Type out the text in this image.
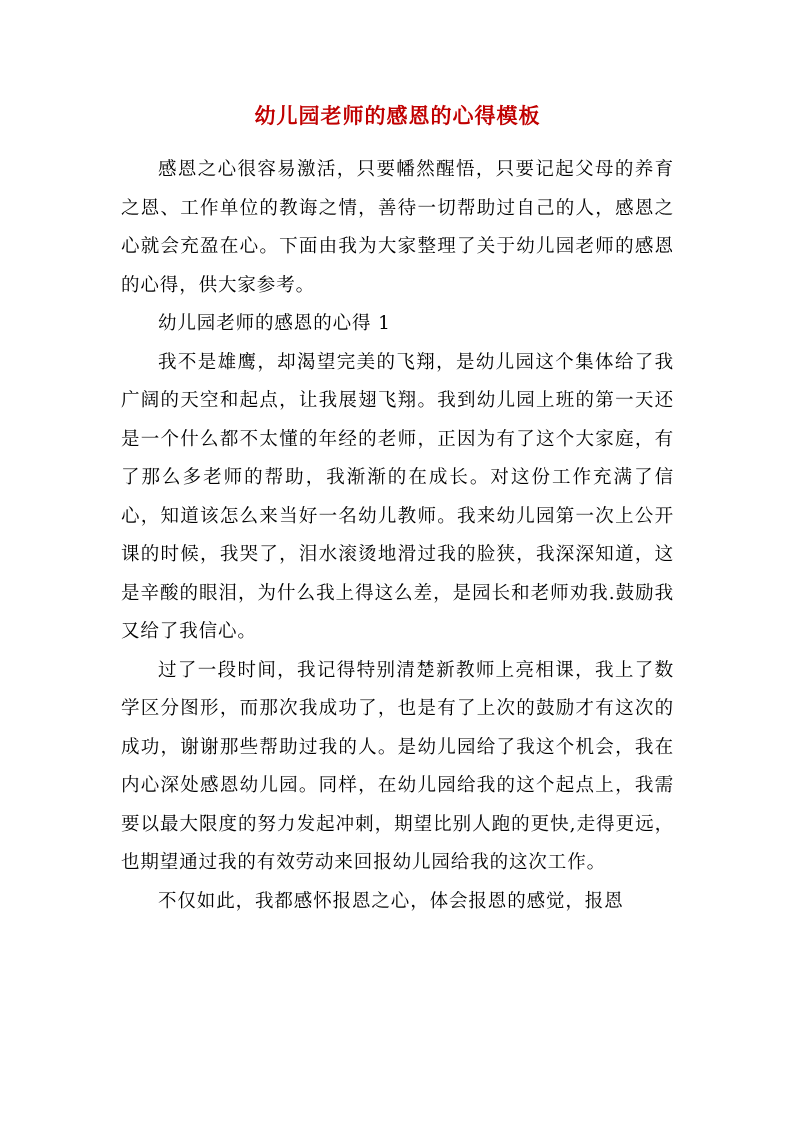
幼儿园老师的感恩的心得模板

感恩之心很容易激活，只要幡然醒悟，只要记起父母的养育之恩、工作单位的教诲之情，善待一切帮助过自己的人，感恩之心就会充盈在心。下面由我为大家整理了关于幼儿园老师的感恩的心得，供大家参考。

幼儿园老师的感恩的心得 1

我不是雄鹰，却渴望完美的飞翔，是幼儿园这个集体给了我广阔的天空和起点，让我展翅飞翔。我到幼儿园上班的第一天还是一个什么都不太懂的年经的老师，正因为有了这个大家庭，有了那么多老师的帮助，我渐渐的在成长。对这份工作充满了信心，知道该怎么来当好一名幼儿教师。我来幼儿园第一次上公开课的时候，我哭了，泪水滚烫地滑过我的脸狭，我深深知道，这是辛酸的眼泪，为什么我上得这么差，是园长和老师劝我.鼓励我又给了我信心。

过了一段时间，我记得特别清楚新教师上亮相课，我上了数学区分图形，而那次我成功了，也是有了上次的鼓励才有这次的成功，谢谢那些帮助过我的人。是幼儿园给了我这个机会，我在内心深处感恩幼儿园。同样，在幼儿园给我的这个起点上，我需要以最大限度的努力发起冲刺，期望比别人跑的更快,走得更远，也期望通过我的有效劳动来回报幼儿园给我的这次工作。

不仅如此，我都感怀报恩之心，体会报恩的感觉，报恩
